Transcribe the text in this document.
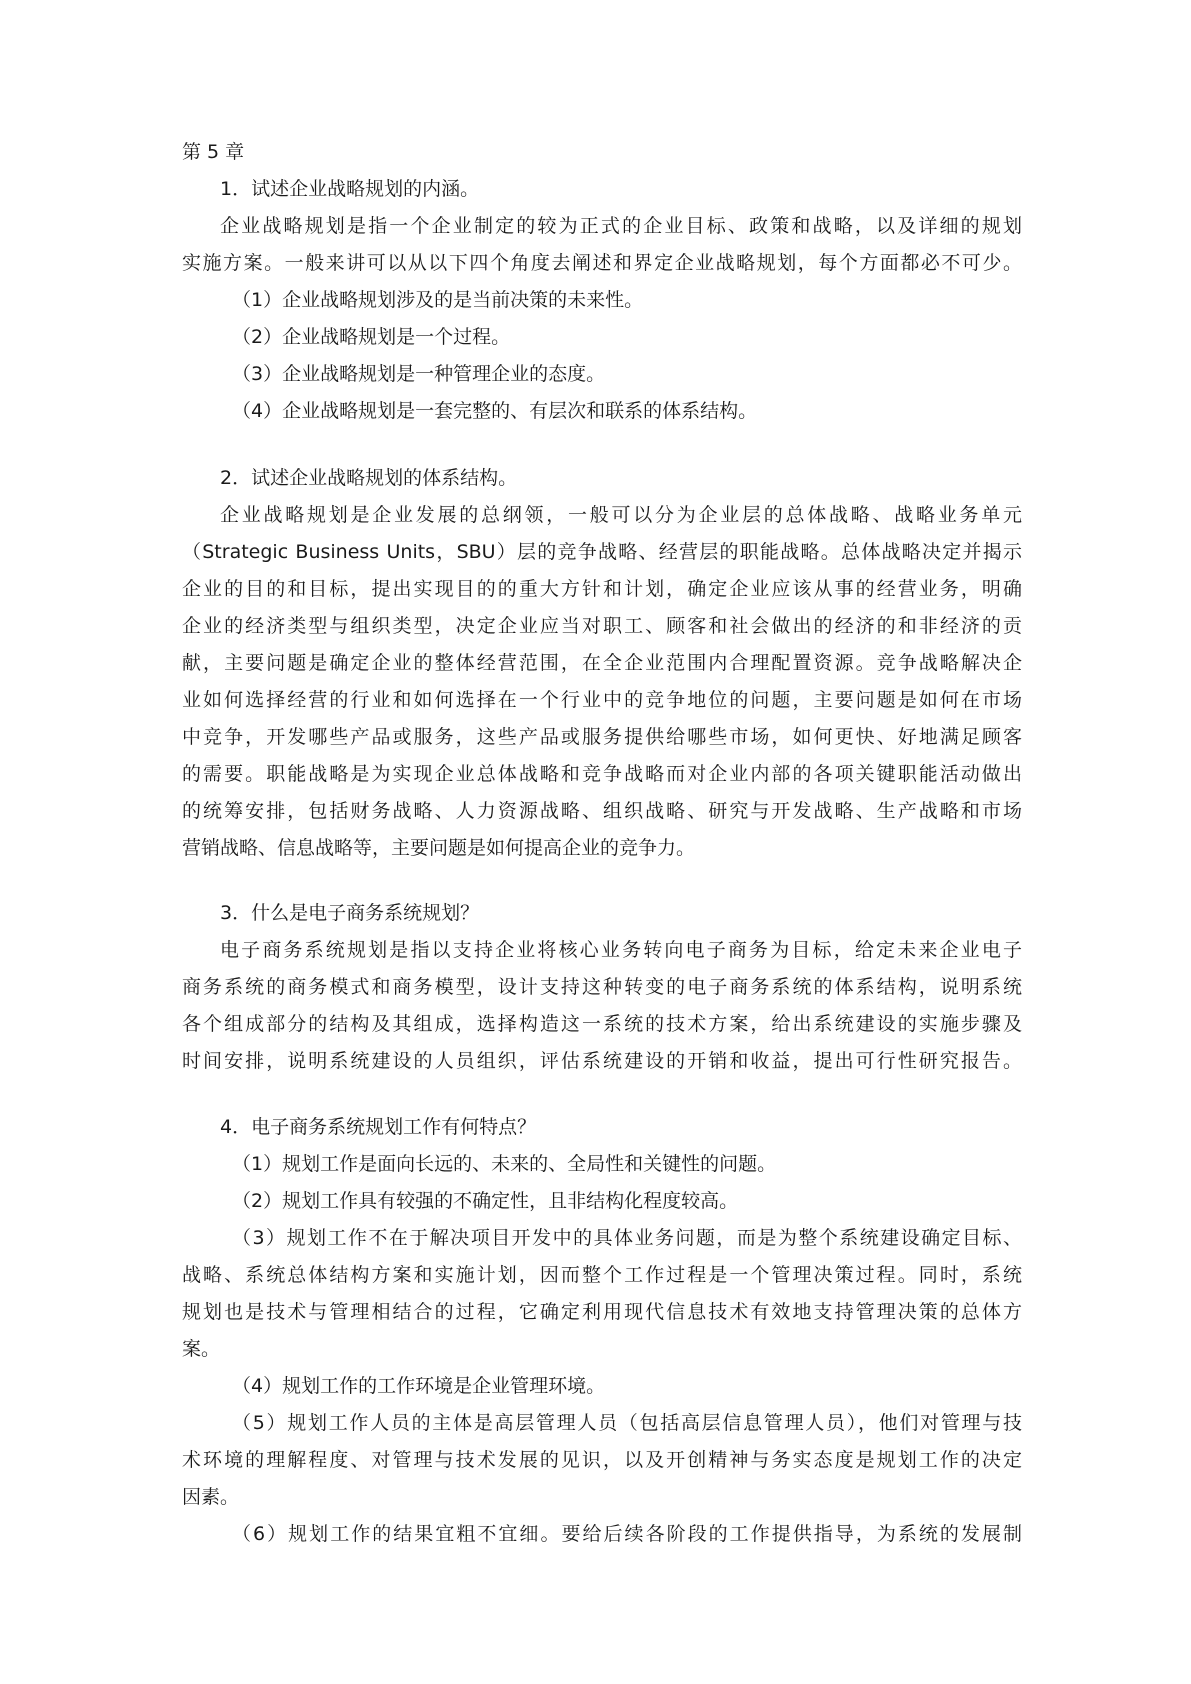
第 5 章
1．试述企业战略规划的内涵。
企业战略规划是指一个企业制定的较为正式的企业目标、政策和战略，以及详细的规划
实施方案。一般来讲可以从以下四个角度去阐述和界定企业战略规划，每个方面都必不可少。
（1）企业战略规划涉及的是当前决策的未来性。
（2）企业战略规划是一个过程。
（3）企业战略规划是一种管理企业的态度。
（4）企业战略规划是一套完整的、有层次和联系的体系结构。
2．试述企业战略规划的体系结构。
企业战略规划是企业发展的总纲领，一般可以分为企业层的总体战略、战略业务单元
（Strategic Business Units，SBU）层的竞争战略、经营层的职能战略。总体战略决定并揭示
企业的目的和目标，提出实现目的的重大方针和计划，确定企业应该从事的经营业务，明确
企业的经济类型与组织类型，决定企业应当对职工、顾客和社会做出的经济的和非经济的贡
献，主要问题是确定企业的整体经营范围，在全企业范围内合理配置资源。竞争战略解决企
业如何选择经营的行业和如何选择在一个行业中的竞争地位的问题，主要问题是如何在市场
中竞争，开发哪些产品或服务，这些产品或服务提供给哪些市场，如何更快、好地满足顾客
的需要。职能战略是为实现企业总体战略和竞争战略而对企业内部的各项关键职能活动做出
的统筹安排，包括财务战略、人力资源战略、组织战略、研究与开发战略、生产战略和市场
营销战略、信息战略等，主要问题是如何提高企业的竞争力。
3．什么是电子商务系统规划？
电子商务系统规划是指以支持企业将核心业务转向电子商务为目标，给定未来企业电子
商务系统的商务模式和商务模型，设计支持这种转变的电子商务系统的体系结构，说明系统
各个组成部分的结构及其组成，选择构造这一系统的技术方案，给出系统建设的实施步骤及
时间安排，说明系统建设的人员组织，评估系统建设的开销和收益，提出可行性研究报告。
4．电子商务系统规划工作有何特点？
（1）规划工作是面向长远的、未来的、全局性和关键性的问题。
（2）规划工作具有较强的不确定性，且非结构化程度较高。
（3）规划工作不在于解决项目开发中的具体业务问题，而是为整个系统建设确定目标、
战略、系统总体结构方案和实施计划，因而整个工作过程是一个管理决策过程。同时，系统
规划也是技术与管理相结合的过程，它确定利用现代信息技术有效地支持管理决策的总体方
案。
（4）规划工作的工作环境是企业管理环境。
（5）规划工作人员的主体是高层管理人员（包括高层信息管理人员），他们对管理与技
术环境的理解程度、对管理与技术发展的见识，以及开创精神与务实态度是规划工作的决定
因素。
（6）规划工作的结果宜粗不宜细。要给后续各阶段的工作提供指导，为系统的发展制
